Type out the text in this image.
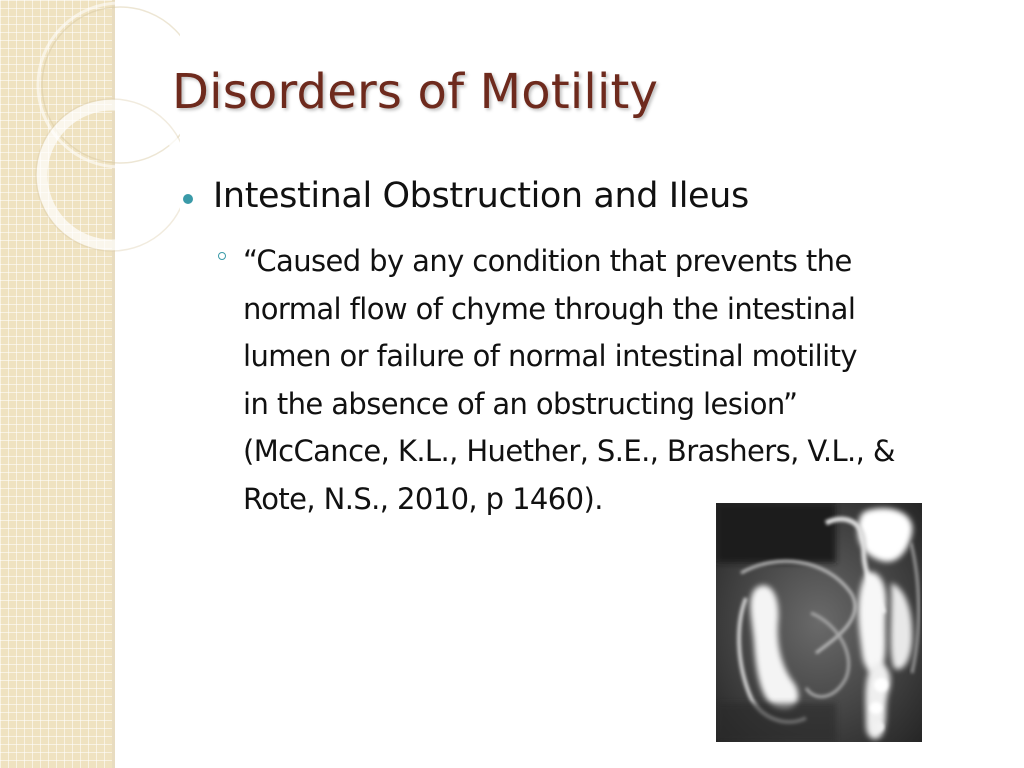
Disorders of Motility
Intestinal Obstruction and Ileus
“Caused by any condition that prevents the
normal flow of chyme through the intestinal
lumen or failure of normal intestinal motility
in the absence of an obstructing lesion”
(McCance, K.L., Huether, S.E., Brashers, V.L., &
Rote, N.S., 2010, p 1460).
